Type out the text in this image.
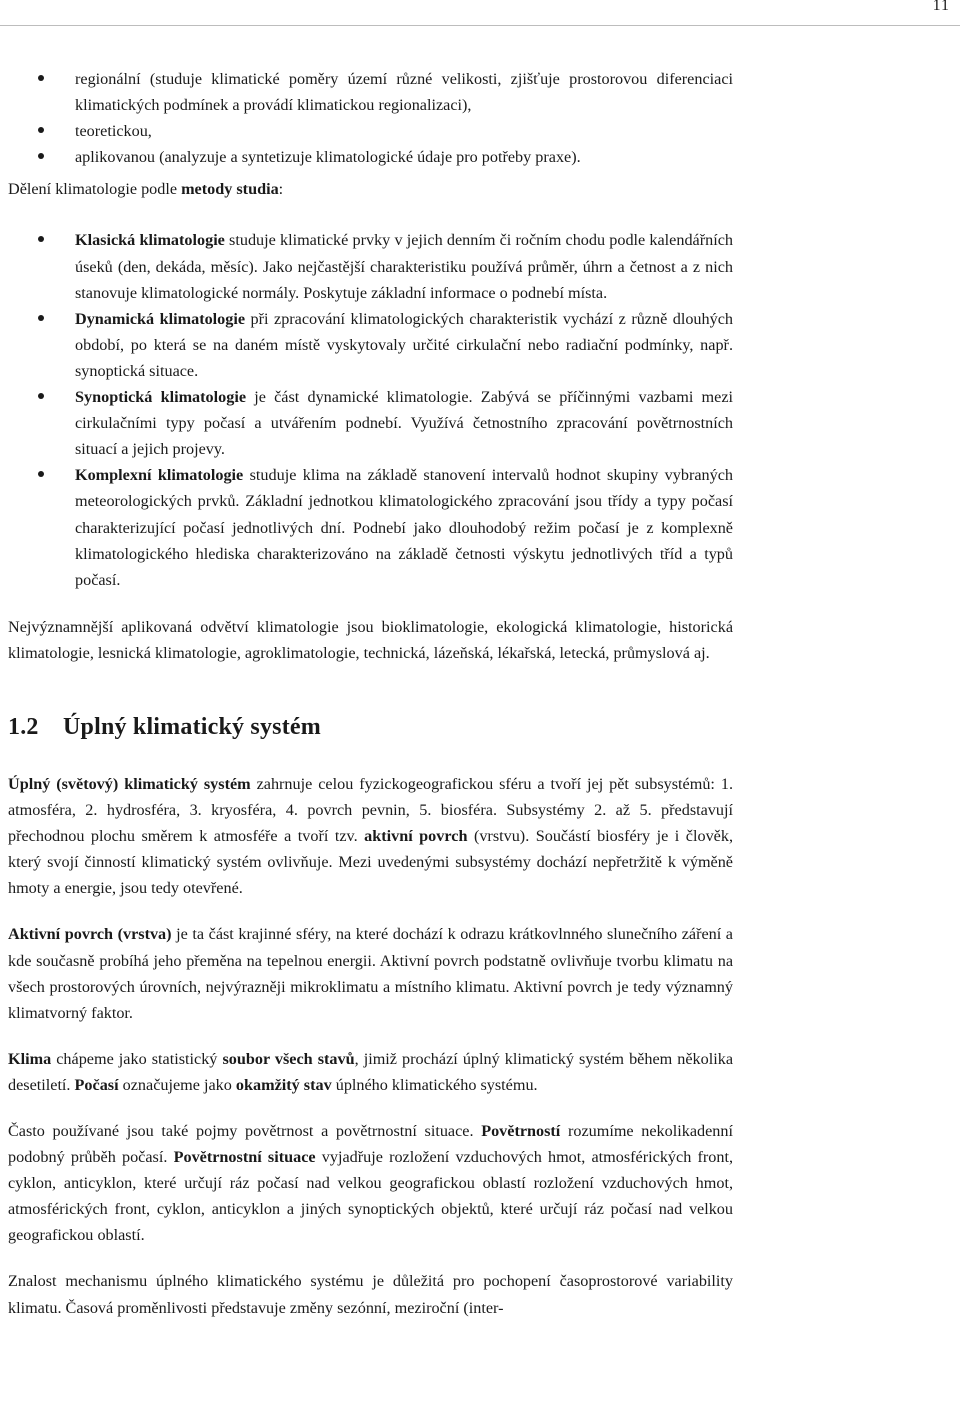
11
regionální (studuje klimatické poměry území různé velikosti, zjišťuje prostorovou diferenciaci klimatických podmínek a provádí klimatickou regionalizaci),
teoretickou,
aplikovanou (analyzuje a syntetizuje klimatologické údaje pro potřeby praxe).

Dělení klimatologie podle metody studia:

Klasická klimatologie studuje klimatické prvky v jejich denním či ročním chodu podle kalendářních úseků (den, dekáda, měsíc). Jako nejčastější charakteristiku používá průměr, úhrn a četnost a z nich stanovuje klimatologické normály. Poskytuje základní informace o podnebí místa.
Dynamická klimatologie při zpracování klimatologických charakteristik vychází z různě dlouhých období, po která se na daném místě vyskytovaly určité cirkulační nebo radiační podmínky, např. synoptická situace.
Synoptická klimatologie je část dynamické klimatologie. Zabývá se příčinnými vazbami mezi cirkulačními typy počasí a utvářením podnebí. Využívá četnostního zpracování povětrnostních situací a jejich projevy.
Komplexní klimatologie studuje klima na základě stanovení intervalů hodnot skupiny vybraných meteorologických prvků. Základní jednotkou klimatologického zpracování jsou třídy a typy počasí charakterizující počasí jednotlivých dní. Podnebí jako dlouhodobý režim počasí je z komplexně klimatologického hlediska charakterizováno na základě četnosti výskytu jednotlivých tříd a typů počasí.

Nejvýznamnější aplikovaná odvětví klimatologie jsou bioklimatologie, ekologická klimatologie, historická klimatologie, lesnická klimatologie, agroklimatologie, technická, lázeňská, lékařská, letecká, průmyslová aj.

1.2 Úplný klimatický systém

Úplný (světový) klimatický systém zahrnuje celou fyzickogeografickou sféru a tvoří jej pět subsystémů: 1. atmosféra, 2. hydrosféra, 3. kryosféra, 4. povrch pevnin, 5. biosféra. Subsystémy 2. až 5. představují přechodnou plochu směrem k atmosféře a tvoří tzv. aktivní povrch (vrstvu). Součástí biosféry je i člověk, který svojí činností klimatický systém ovlivňuje. Mezi uvedenými subsystémy dochází nepřetržitě k výměně hmoty a energie, jsou tedy otevřené.

Aktivní povrch (vrstva) je ta část krajinné sféry, na které dochází k odrazu krátkovlnného slunečního záření a kde současně probíhá jeho přeměna na tepelnou energii. Aktivní povrch podstatně ovlivňuje tvorbu klimatu na všech prostorových úrovních, nejvýrazněji mikroklimatu a místního klimatu. Aktivní povrch je tedy významný klimatvorný faktor.

Klima chápeme jako statistický soubor všech stavů, jimiž prochází úplný klimatický systém během několika desetiletí. Počasí označujeme jako okamžitý stav úplného klimatického systému.

Často používané jsou také pojmy povětrnost a povětrnostní situace. Povětrností rozumíme nekolikadenní podobný průběh počasí. Povětrnostní situace vyjadřuje rozložení vzduchových hmot, atmosférických front, cyklon, anticyklon, které určují ráz počasí nad velkou geografickou oblastí rozložení vzduchových hmot, atmosférických front, cyklon, anticyklon a jiných synoptických objektů, které určují ráz počasí nad velkou geografickou oblastí.

Znalost mechanismu úplného klimatického systému je důležitá pro pochopení časoprostorové variability klimatu. Časová proměnlivosti představuje změny sezónní, meziroční (inter-
